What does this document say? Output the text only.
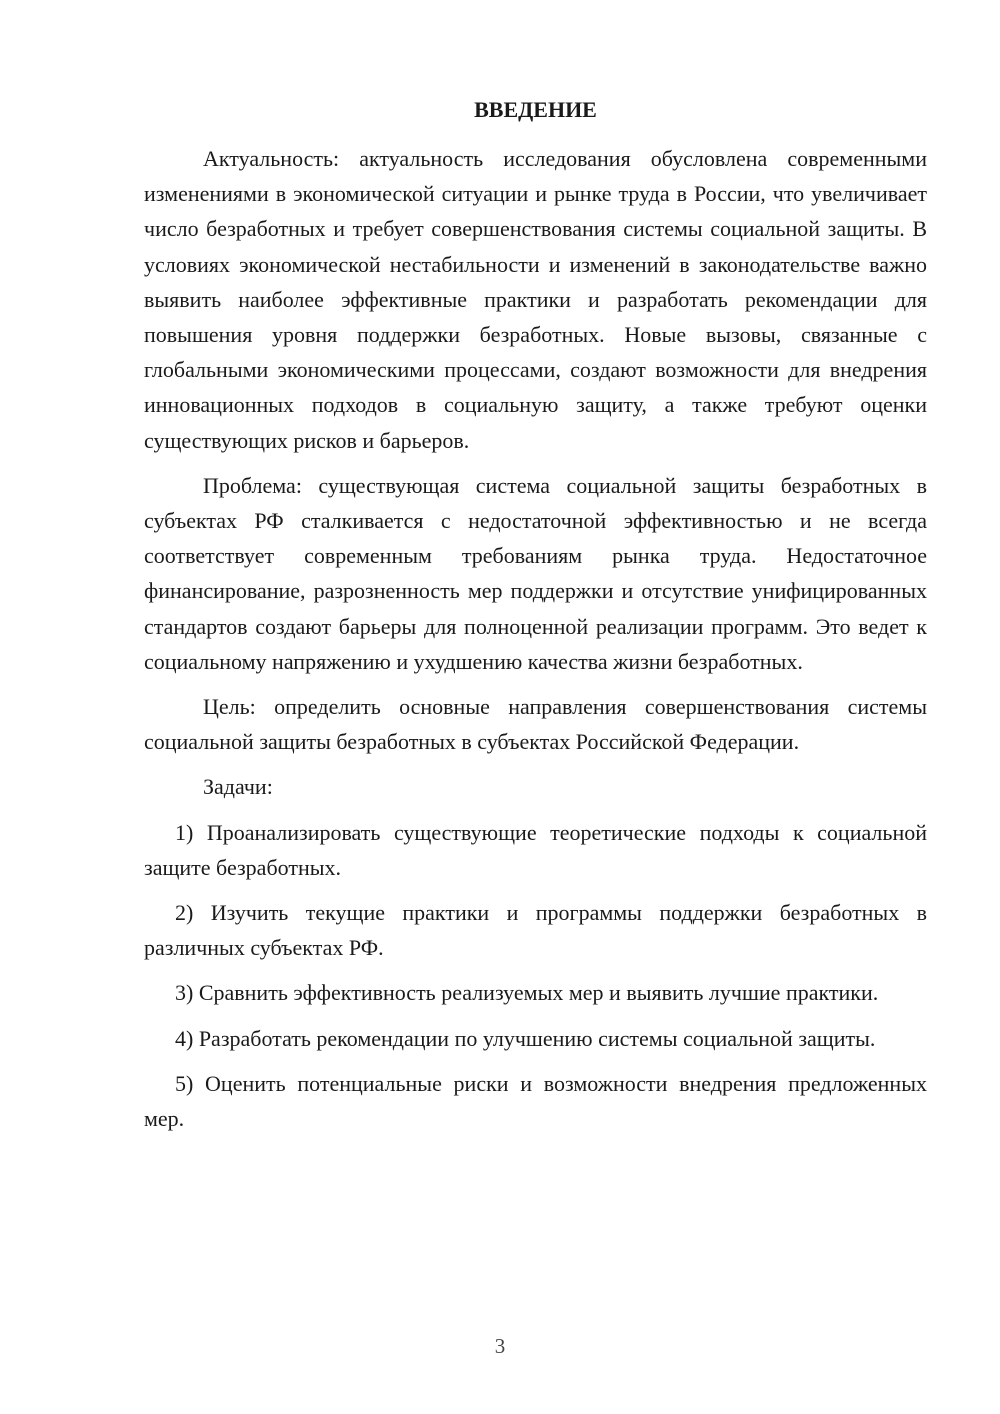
ВВЕДЕНИЕ

Актуальность: актуальность исследования обусловлена современными изменениями в экономической ситуации и рынке труда в России, что увеличивает число безработных и требует совершенствования системы социальной защиты. В условиях экономической нестабильности и изменений в законодательстве важно выявить наиболее эффективные практики и разработать рекомендации для повышения уровня поддержки безработных. Новые вызовы, связанные с глобальными экономическими процессами, создают возможности для внедрения инновационных подходов в социальную защиту, а также требуют оценки существующих рисков и барьеров.

Проблема: существующая система социальной защиты безработных в субъектах РФ сталкивается с недостаточной эффективностью и не всегда соответствует современным требованиям рынка труда. Недостаточное финансирование, разрозненность мер поддержки и отсутствие унифицированных стандартов создают барьеры для полноценной реализации программ. Это ведет к социальному напряжению и ухудшению качества жизни безработных.

Цель: определить основные направления совершенствования системы социальной защиты безработных в субъектах Российской Федерации.

Задачи:

1) Проанализировать существующие теоретические подходы к социальной защите безработных.

2) Изучить текущие практики и программы поддержки безработных в различных субъектах РФ.

3) Сравнить эффективность реализуемых мер и выявить лучшие практики.

4) Разработать рекомендации по улучшению системы социальной защиты.

5) Оценить потенциальные риски и возможности внедрения предложенных мер.

3
